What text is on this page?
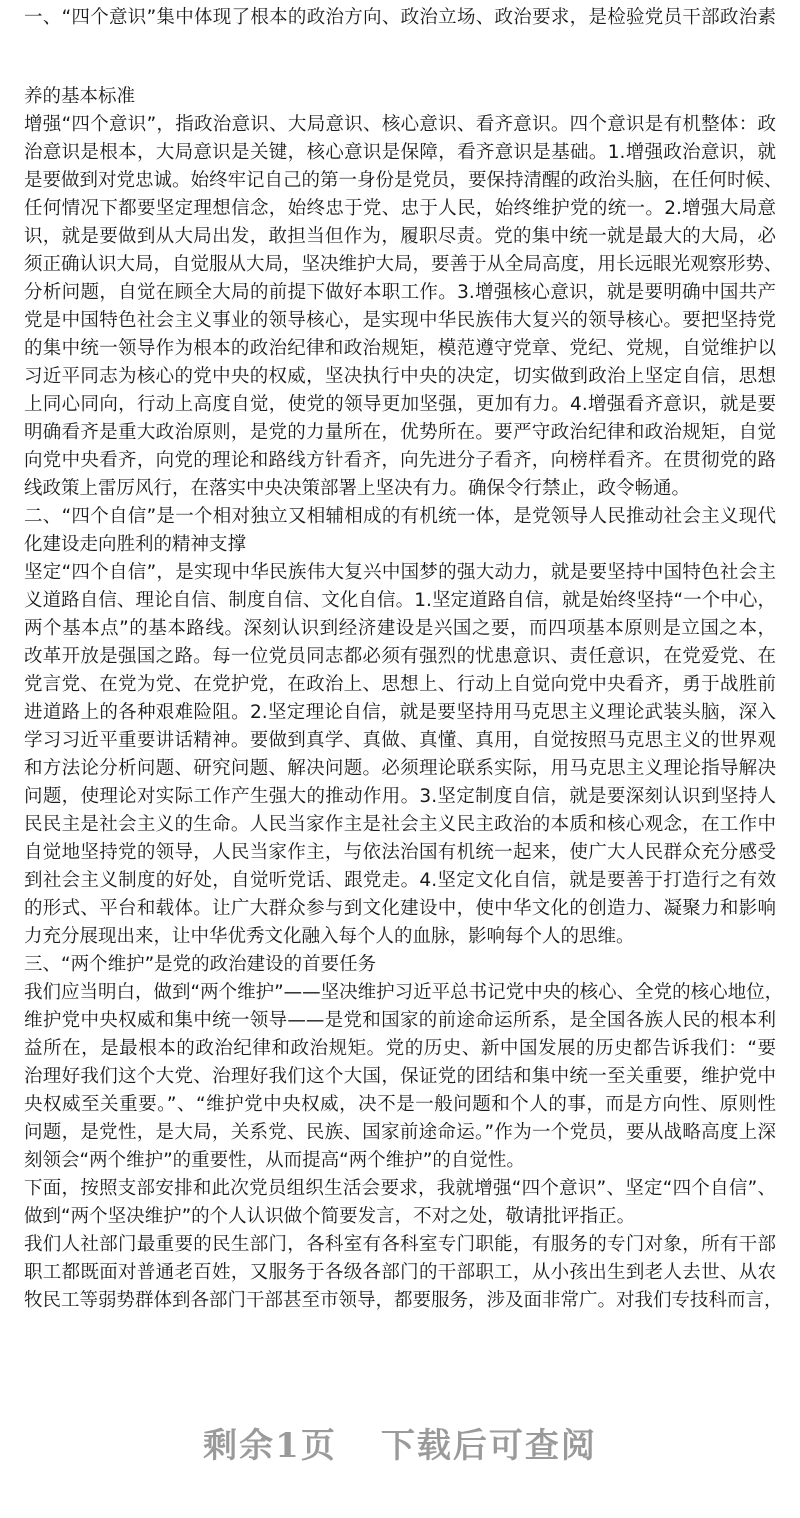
一、“四个意识”集中体现了根本的政治方向、政治立场、政治要求，是检验党员干部政治素
养的基本标准
增强“四个意识”，指政治意识、大局意识、核心意识、看齐意识。四个意识是有机整体：政
治意识是根本，大局意识是关键，核心意识是保障，看齐意识是基础。1.增强政治意识，就
是要做到对党忠诚。始终牢记自己的第一身份是党员，要保持清醒的政治头脑，在任何时候、
任何情况下都要坚定理想信念，始终忠于党、忠于人民，始终维护党的统一。2.增强大局意
识，就是要做到从大局出发，敢担当但作为，履职尽责。党的集中统一就是最大的大局，必
须正确认识大局，自觉服从大局，坚决维护大局，要善于从全局高度，用长远眼光观察形势、
分析问题，自觉在顾全大局的前提下做好本职工作。3.增强核心意识，就是要明确中国共产
党是中国特色社会主义事业的领导核心，是实现中华民族伟大复兴的领导核心。要把坚持党
的集中统一领导作为根本的政治纪律和政治规矩，模范遵守党章、党纪、党规，自觉维护以
习近平同志为核心的党中央的权威，坚决执行中央的决定，切实做到政治上坚定自信，思想
上同心同向，行动上高度自觉，使党的领导更加坚强，更加有力。4.增强看齐意识，就是要
明确看齐是重大政治原则，是党的力量所在，优势所在。要严守政治纪律和政治规矩，自觉
向党中央看齐，向党的理论和路线方针看齐，向先进分子看齐，向榜样看齐。在贯彻党的路
线政策上雷厉风行，在落实中央决策部署上坚决有力。确保令行禁止，政令畅通。
二、“四个自信”是一个相对独立又相辅相成的有机统一体，是党领导人民推动社会主义现代
化建设走向胜利的精神支撑
坚定“四个自信”，是实现中华民族伟大复兴中国梦的强大动力，就是要坚持中国特色社会主
义道路自信、理论自信、制度自信、文化自信。1.坚定道路自信，就是始终坚持“一个中心，
两个基本点”的基本路线。深刻认识到经济建设是兴国之要，而四项基本原则是立国之本，
改革开放是强国之路。每一位党员同志都必须有强烈的忧患意识、责任意识，在党爱党、在
党言党、在党为党、在党护党，在政治上、思想上、行动上自觉向党中央看齐，勇于战胜前
进道路上的各种艰难险阻。2.坚定理论自信，就是要坚持用马克思主义理论武装头脑，深入
学习习近平重要讲话精神。要做到真学、真做、真懂、真用，自觉按照马克思主义的世界观
和方法论分析问题、研究问题、解决问题。必须理论联系实际，用马克思主义理论指导解决
问题，使理论对实际工作产生强大的推动作用。3.坚定制度自信，就是要深刻认识到坚持人
民民主是社会主义的生命。人民当家作主是社会主义民主政治的本质和核心观念，在工作中
自觉地坚持党的领导，人民当家作主，与依法治国有机统一起来，使广大人民群众充分感受
到社会主义制度的好处，自觉听党话、跟党走。4.坚定文化自信，就是要善于打造行之有效
的形式、平台和载体。让广大群众参与到文化建设中，使中华文化的创造力、凝聚力和影响
力充分展现出来，让中华优秀文化融入每个人的血脉，影响每个人的思维。
三、“两个维护”是党的政治建设的首要任务
我们应当明白，做到“两个维护”——坚决维护习近平总书记党中央的核心、全党的核心地位，
维护党中央权威和集中统一领导——是党和国家的前途命运所系，是全国各族人民的根本利
益所在，是最根本的政治纪律和政治规矩。党的历史、新中国发展的历史都告诉我们：“要
治理好我们这个大党、治理好我们这个大国，保证党的团结和集中统一至关重要，维护党中
央权威至关重要。”、“维护党中央权威，决不是一般问题和个人的事，而是方向性、原则性
问题，是党性，是大局，关系党、民族、国家前途命运。”作为一个党员，要从战略高度上深
刻领会“两个维护”的重要性，从而提高“两个维护”的自觉性。
下面，按照支部安排和此次党员组织生活会要求，我就增强“四个意识”、坚定“四个自信”、
做到“两个坚决维护”的个人认识做个简要发言，不对之处，敬请批评指正。
我们人社部门最重要的民生部门，各科室有各科室专门职能，有服务的专门对象，所有干部
职工都既面对普通老百姓，又服务于各级各部门的干部职工，从小孩出生到老人去世、从农
牧民工等弱势群体到各部门干部甚至市领导，都要服务，涉及面非常广。对我们专技科而言，
剩余1页 下载后可查阅
